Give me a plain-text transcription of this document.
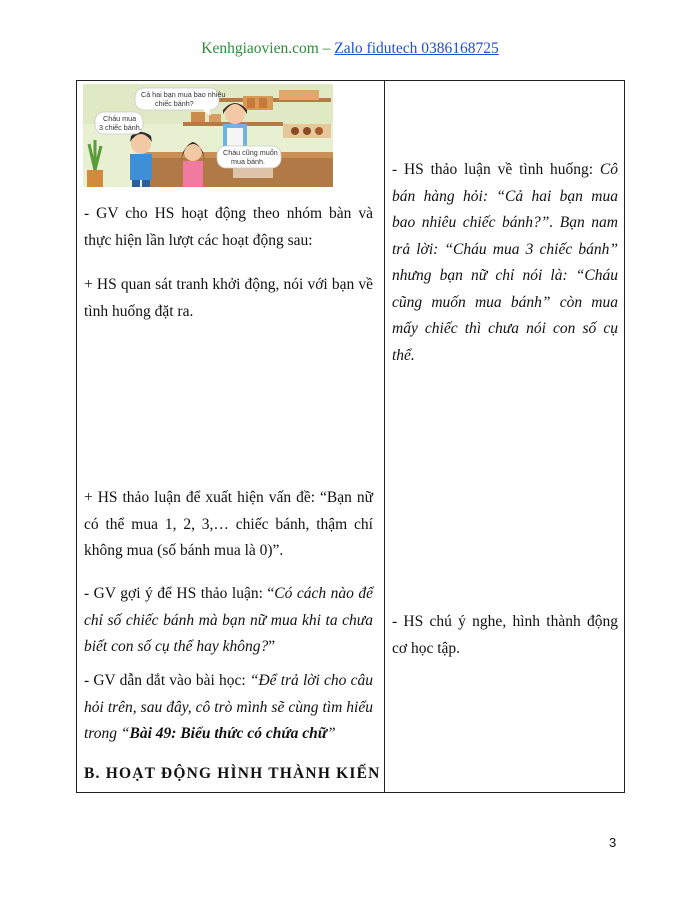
Kenhgiaovien.com – Zalo fidutech 0386168725
Cả hai bạn mua bao nhiêu
chiếc bánh?
Cháu mua
3 chiếc bánh.
Cháu cũng muốn
mua bánh.

- GV cho HS hoạt động theo nhóm bàn và thực hiện lần lượt các hoạt động sau:

+ HS quan sát tranh khởi động, nói với bạn về tình huống đặt ra.

+ HS thảo luận để xuất hiện vấn đề: “Bạn nữ có thể mua 1, 2, 3,… chiếc bánh, thậm chí không mua (số bánh mua là 0)”.

- GV gợi ý để HS thảo luận: “Có cách nào để chỉ số chiếc bánh mà bạn nữ mua khi ta chưa biết con số cụ thể hay không?”

- GV dẫn dắt vào bài học: “Để trả lời cho câu hỏi trên, sau đây, cô trò mình sẽ cùng tìm hiểu trong “Bài 49: Biểu thức có chứa chữ”

B. HOẠT ĐỘNG HÌNH THÀNH KIẾN

- HS thảo luận về tình huống: Cô bán hàng hỏi: “Cả hai bạn mua bao nhiêu chiếc bánh?”. Bạn nam trả lời: “Cháu mua 3 chiếc bánh” nhưng bạn nữ chỉ nói là: “Cháu cũng muốn mua bánh” còn mua mấy chiếc thì chưa nói con số cụ thể.

- HS chú ý nghe, hình thành động cơ học tập.

3
